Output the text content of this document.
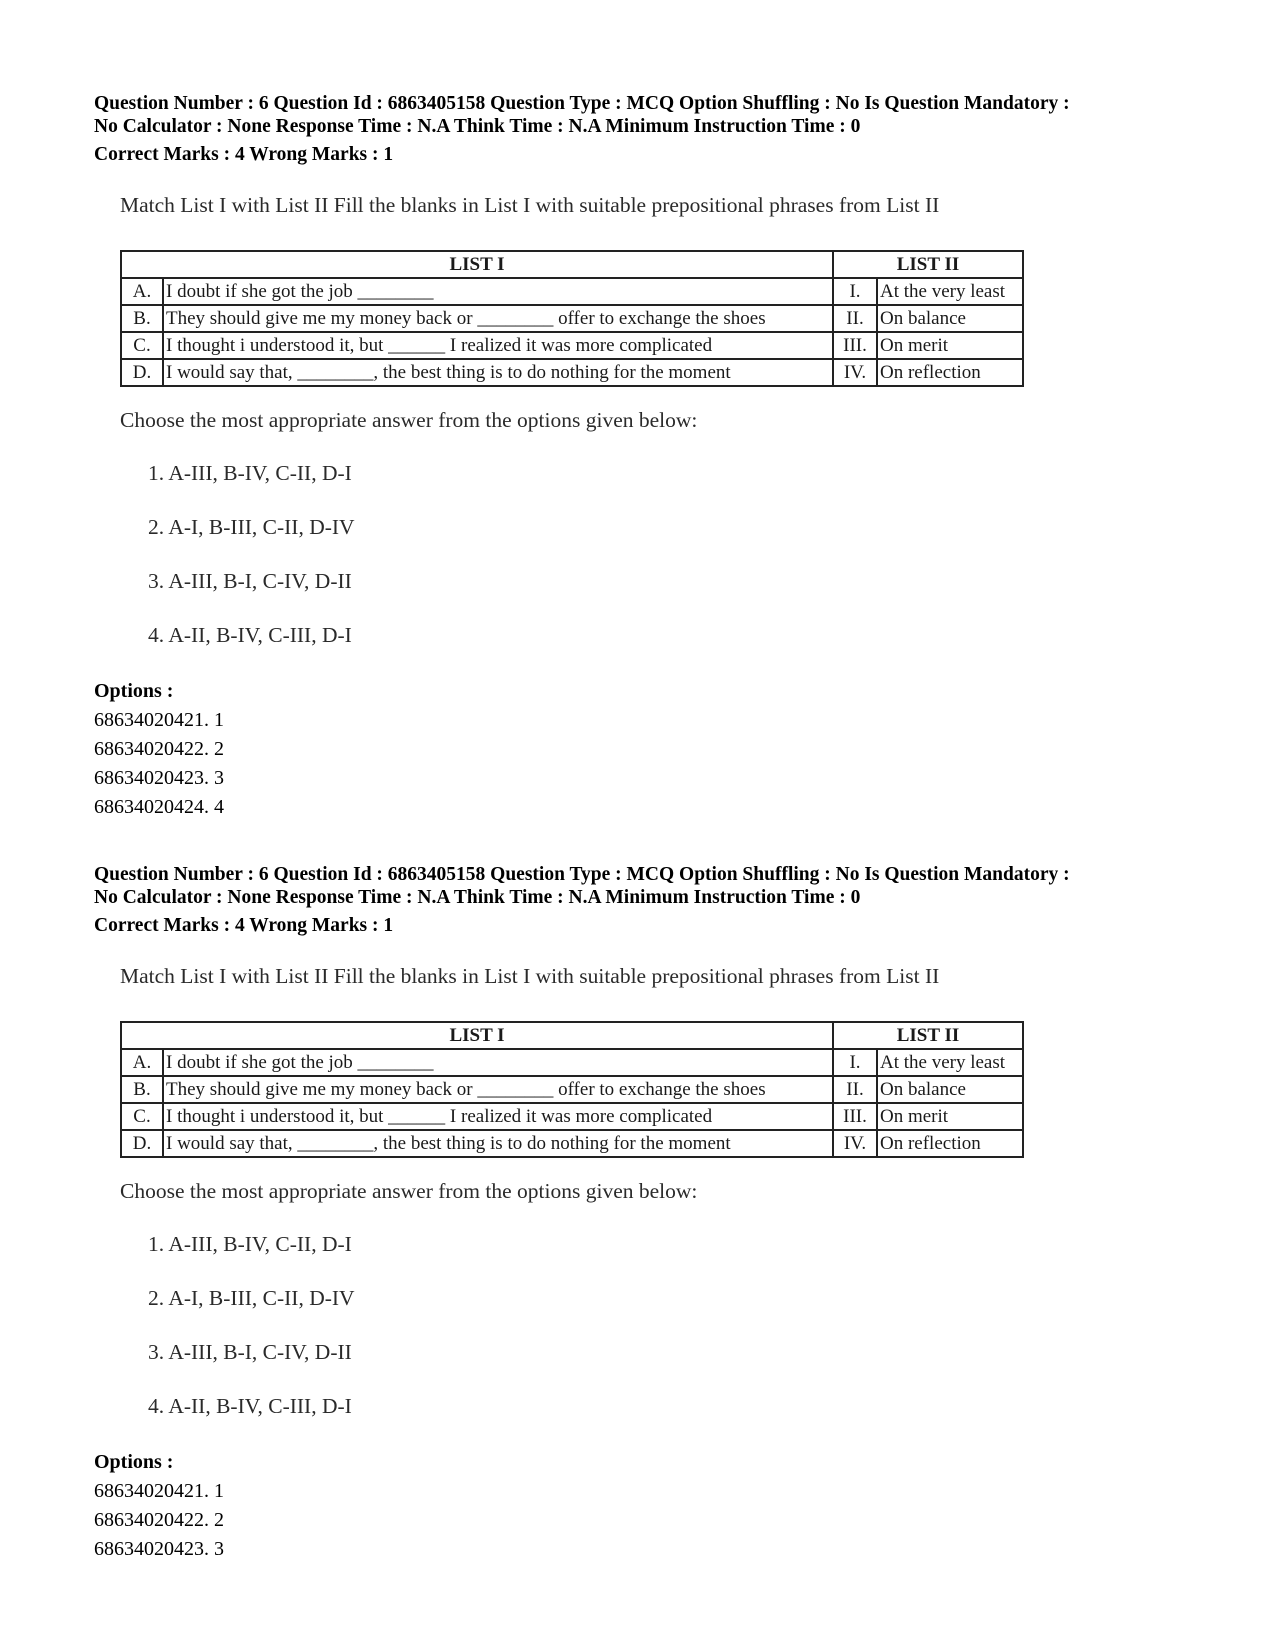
Question Number : 6 Question Id : 6863405158 Question Type : MCQ Option Shuffling : No Is Question Mandatory :
No Calculator : None Response Time : N.A Think Time : N.A Minimum Instruction Time : 0
Correct Marks : 4 Wrong Marks : 1
Match List I with List II Fill the blanks in List I with suitable prepositional phrases from List II
LIST I		LIST II	
A.	I doubt if she got the job ________	I.	At the very least
B.	They should give me my money back or ________ offer to exchange the shoes	II.	On balance
C.	I thought i understood it, but ______ I realized it was more complicated	III.	On merit
D.	I would say that, ________, the best thing is to do nothing for the moment	IV.	On reflection
Choose the most appropriate answer from the options given below:
1. A-III, B-IV, C-II, D-I
2. A-I, B-III, C-II, D-IV
3. A-III, B-I, C-IV, D-II
4. A-II, B-IV, C-III, D-I
Options :
68634020421. 1
68634020422. 2
68634020423. 3
68634020424. 4
Question Number : 6 Question Id : 6863405158 Question Type : MCQ Option Shuffling : No Is Question Mandatory :
No Calculator : None Response Time : N.A Think Time : N.A Minimum Instruction Time : 0
Correct Marks : 4 Wrong Marks : 1
Match List I with List II Fill the blanks in List I with suitable prepositional phrases from List II
LIST I		LIST II	
A.	I doubt if she got the job ________	I.	At the very least
B.	They should give me my money back or ________ offer to exchange the shoes	II.	On balance
C.	I thought i understood it, but ______ I realized it was more complicated	III.	On merit
D.	I would say that, ________, the best thing is to do nothing for the moment	IV.	On reflection
Choose the most appropriate answer from the options given below:
1. A-III, B-IV, C-II, D-I
2. A-I, B-III, C-II, D-IV
3. A-III, B-I, C-IV, D-II
4. A-II, B-IV, C-III, D-I
Options :
68634020421. 1
68634020422. 2
68634020423. 3
